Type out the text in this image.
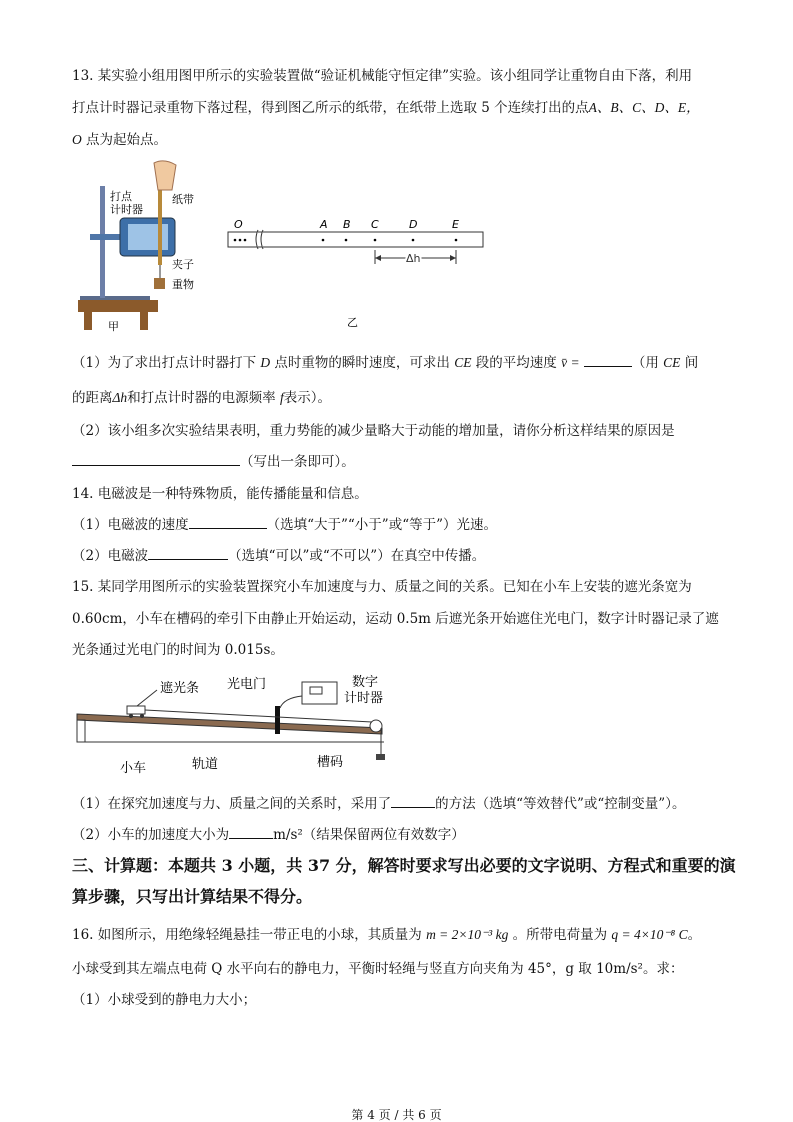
13. 某实验小组用图甲所示的实验装置做“验证机械能守恒定律”实验。该小组同学让重物自由下落，利用
打点计时器记录重物下落过程，得到图乙所示的纸带，在纸带上选取 5 个连续打出的点A、B、C、D、E，
O 点为起始点。
打点
计时器
纸带
夹子
重物
甲
O	A B C	D	E
Δh
乙
（1）为了求出打点计时器打下 D 点时重物的瞬时速度，可求出 CE 段的平均速度 v̄ =	（用 CE 间
的距离Δh和打点计时器的电源频率 f表示）。
（2）该小组多次实验结果表明，重力势能的减少量略大于动能的增加量，请你分析这样结果的原因是
（写出一条即可）。
14. 电磁波是一种特殊物质，能传播能量和信息。
（1）电磁波的速度	（选填“大于”“小于”或“等于”）光速。
（2）电磁波	（选填“可以”或“不可以”）在真空中传播。
15. 某同学用图所示的实验装置探究小车加速度与力、质量之间的关系。已知在小车上安装的遮光条宽为
0.60cm，小车在槽码的牵引下由静止开始运动，运动 0.5m 后遮光条开始遮住光电门，数字计时器记录了遮
光条通过光电门的时间为 0.015s。
遮光条 光电门	数字
计时器
小车	轨道	槽码
（1）在探究加速度与力、质量之间的关系时，采用了	的方法（选填“等效替代”或“控制变量”）。
（2）小车的加速度大小为	m/s²（结果保留两位有效数字）
三、计算题：本题共 3 小题，共 37 分，解答时要求写出必要的文字说明、方程式和重要的演
算步骤，只写出计算结果不得分。
16. 如图所示，用绝缘轻绳悬挂一带正电的小球，其质量为 m = 2×10⁻³ kg 。所带电荷量为 q = 4×10⁻⁸ C。
小球受到其左端点电荷 Q 水平向右的静电力，平衡时轻绳与竖直方向夹角为 45°，g 取 10m/s²。求：
（1）小球受到的静电力大小；
第 4 页 / 共 6 页
